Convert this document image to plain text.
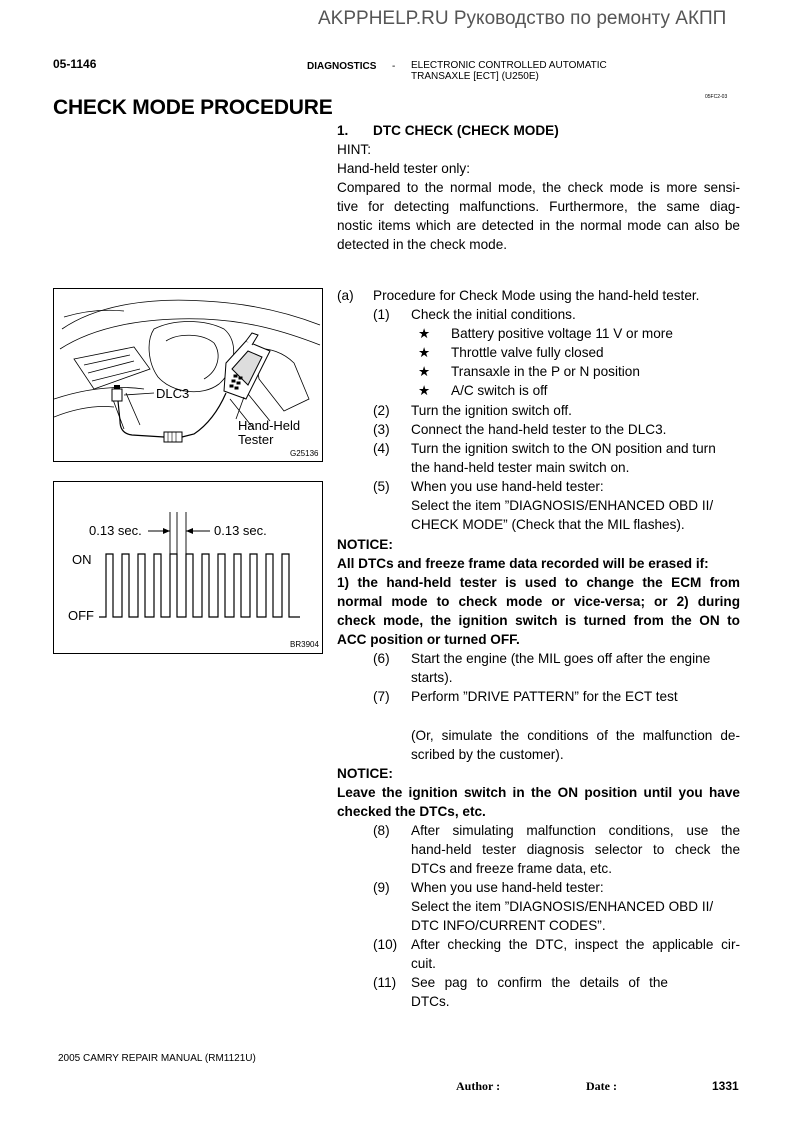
AKPPHELP.RU Руководство по ремонту АКПП
05-1146	DIAGNOSTICS - ELECTRONIC CONTROLLED AUTOMATIC
TRANSAXLE [ECT] (U250E)
CHECK MODE PROCEDURE	05FC2-03
1. DTC CHECK (CHECK MODE)
HINT:
Hand-held tester only:
Compared to the normal mode, the check mode is more sensi-
tive for detecting malfunctions. Furthermore, the same diag-
nostic items which are detected in the normal mode can also be
detected in the check mode.
(a) Procedure for Check Mode using the hand-held tester.
(1) Check the initial conditions.
★ Battery positive voltage 11 V or more
★ Throttle valve fully closed
★ Transaxle in the P or N position
★ A/C switch is off
(2) Turn the ignition switch off.
(3) Connect the hand-held tester to the DLC3.
(4) Turn the ignition switch to the ON position and turn
the hand-held tester main switch on.
(5) When you use hand-held tester:
Select the item ”DIAGNOSIS/ENHANCED OBD II/
CHECK MODE” (Check that the MIL flashes).
NOTICE:
All DTCs and freeze frame data recorded will be erased if:
1) the hand-held tester is used to change the ECM from
normal mode to check mode or vice-versa; or 2) during
check mode, the ignition switch is turned from the ON to
ACC position or turned OFF.
(6) Start the engine (the MIL goes off after the engine
starts).
(7) Perform ”DRIVE PATTERN” for the ECT test
(Or, simulate the conditions of the malfunction de-
scribed by the customer).
NOTICE:
Leave the ignition switch in the ON position until you have
checked the DTCs, etc.
(8) After simulating malfunction conditions, use the
hand-held tester diagnosis selector to check the
DTCs and freeze frame data, etc.
(9) When you use hand-held tester:
Select the item ”DIAGNOSIS/ENHANCED OBD II/
DTC INFO/CURRENT CODES”.
(10) After checking the DTC, inspect the applicable cir-
cuit.
(11) See pag to confirm the details of the
DTCs.
DLC3
Hand-Held
Tester
G25136
0.13 sec.	0.13 sec.
ON
OFF
BR3904
2005 CAMRY REPAIR MANUAL (RM1121U)
Author :	Date :	1331
